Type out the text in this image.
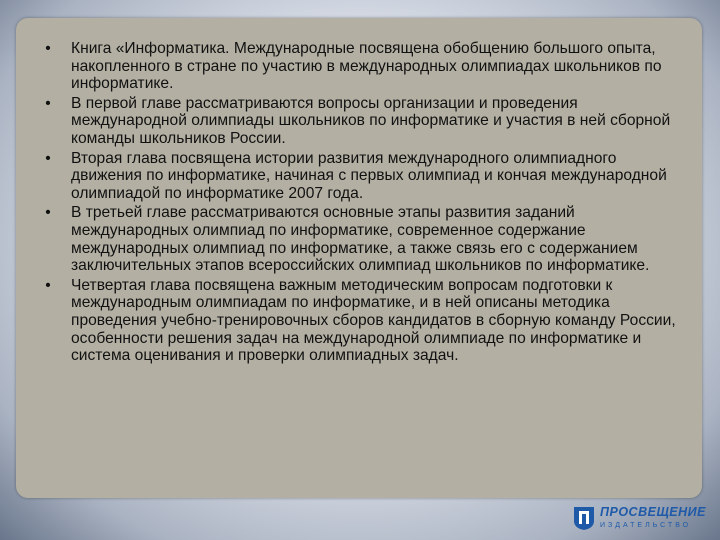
• Книга «Информатика. Международные посвящена обобщению большого опыта, накопленного в стране по участию в международных олимпиадах школьников по информатике.
• В первой главе рассматриваются вопросы организации и проведения международной олимпиады школьников по информатике и участия в ней сборной команды школьников России.
• Вторая глава посвящена истории развития международного олимпиадного движения по информатике, начиная с первых олимпиад и кончая международной олимпиадой по информатике 2007 года.
• В третьей главе рассматриваются основные этапы развития заданий международных олимпиад по информатике, современное содержание международных олимпиад по информатике, а также связь его с содержанием заключительных этапов всероссийских олимпиад школьников по информатике.
• Четвертая глава посвящена важным методическим вопросам подготовки к международным олимпиадам по информатике, и в ней описаны методика проведения учебно-тренировочных сборов кандидатов в сборную команду России, особенности решения задач на международной олимпиаде по информатике и система оценивания и проверки олимпиадных задач.
ПРОСВЕЩЕНИЕ
ИЗДАТЕЛЬСТВО
